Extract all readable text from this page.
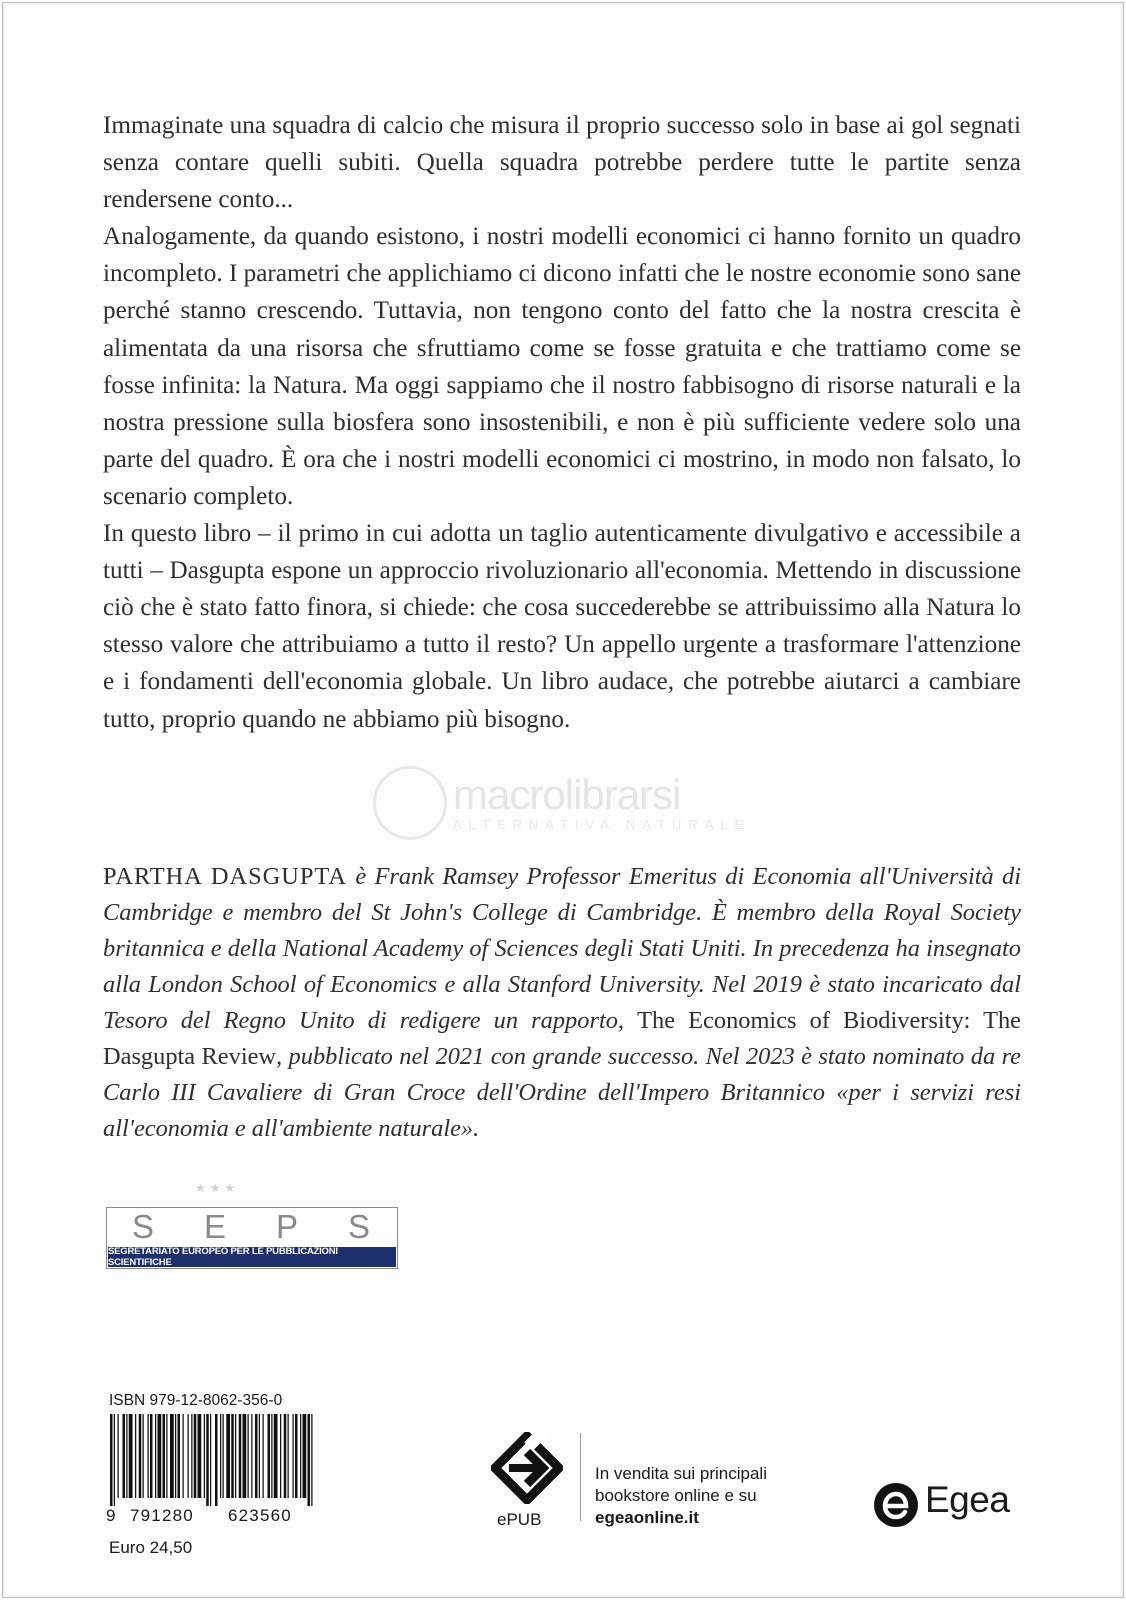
Immaginate una squadra di calcio che misura il proprio successo solo in base ai gol segnati senza contare quelli subiti. Quella squadra potrebbe perdere tutte le partite senza rendersene conto...

Analogamente, da quando esistono, i nostri modelli economici ci hanno fornito un quadro incompleto. I parametri che applichiamo ci dicono infatti che le nostre economie sono sane perché stanno crescendo. Tuttavia, non tengono conto del fatto che la nostra crescita è alimentata da una risorsa che sfruttiamo come se fosse gratuita e che trattiamo come se fosse infinita: la Natura. Ma oggi sappiamo che il nostro fabbisogno di risorse naturali e la nostra pressione sulla biosfera sono insostenibili, e non è più sufficiente vedere solo una parte del quadro. È ora che i nostri modelli economici ci mostrino, in modo non falsato, lo scenario completo.

In questo libro – il primo in cui adotta un taglio autenticamente divulgativo e accessibile a tutti – Dasgupta espone un approccio rivoluzionario all'economia. Mettendo in discussione ciò che è stato fatto finora, si chiede: che cosa succederebbe se attribuissimo alla Natura lo stesso valore che attribuiamo a tutto il resto? Un appello urgente a trasformare l'attenzione e i fondamenti dell'economia globale. Un libro audace, che potrebbe aiutarci a cambiare tutto, proprio quando ne abbiamo più bisogno.

macrolibrarsi
ALTERNATIVA NATURALE
PARTHA DASGUPTA è Frank Ramsey Professor Emeritus di Economia all'Università di Cambridge e membro del St John's College di Cambridge. È membro della Royal Society britannica e della National Academy of Sciences degli Stati Uniti. In precedenza ha insegnato alla London School of Economics e alla Stanford University. Nel 2019 è stato incaricato dal Tesoro del Regno Unito di redigere un rapporto, The Economics of Biodiversity: The Dasgupta Review, pubblicato nel 2021 con grande successo. Nel 2023 è stato nominato da re Carlo III Cavaliere di Gran Croce dell'Ordine dell'Impero Britannico «per i servizi resi all'economia e all'ambiente naturale».
★★★
S E P S
SEGRETARIATO EUROPEO PER LE PUBBLICAZIONI SCIENTIFICHE
ISBN 979-12-8062-356-0
9 791280 623560
Euro 24,50
ePUB
In vendita sui principali
bookstore online e su
egeaonline.it	Egea
